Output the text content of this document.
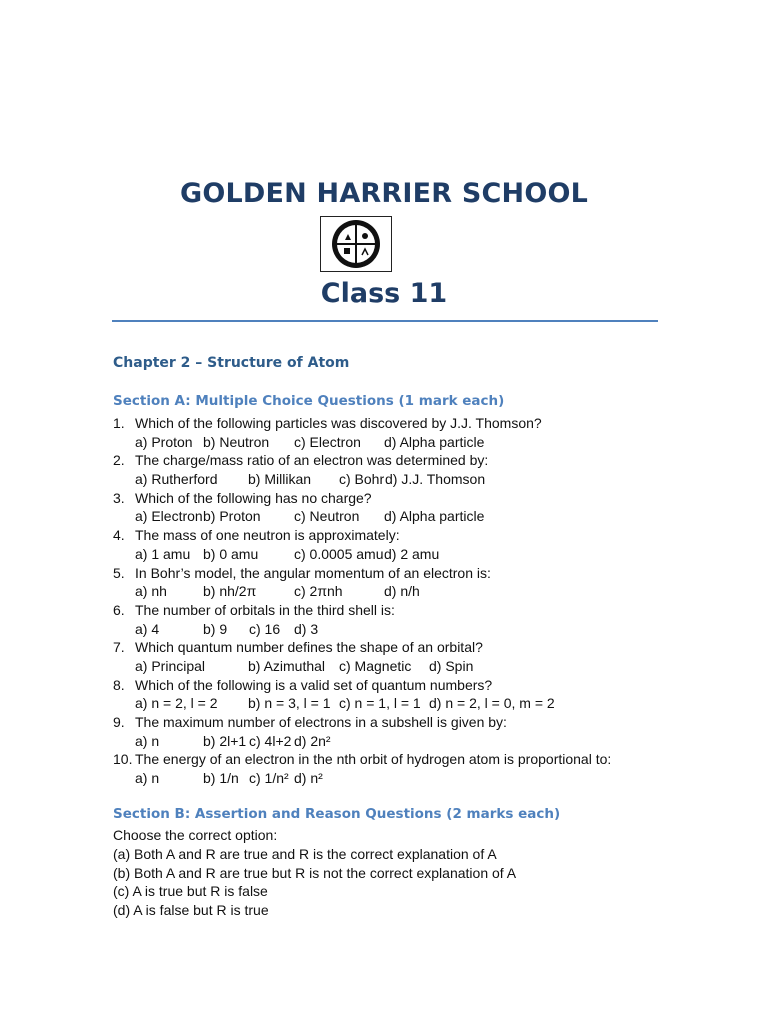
GOLDEN HARRIER SCHOOL
Class 11
Chapter 2 – Structure of Atom
Section A: Multiple Choice Questions (1 mark each)
1. Which of the following particles was discovered by J.J. Thomson?
a) Proton b) Neutron c) Electron d) Alpha particle
2. The charge/mass ratio of an electron was determined by:
a) Rutherford b) Millikan c) Bohr d) J.J. Thomson
3. Which of the following has no charge?
a) Electron b) Proton c) Neutron d) Alpha particle
4. The mass of one neutron is approximately:
a) 1 amu b) 0 amu	c) 0.0005 amu d) 2 amu
5. In Bohr’s model, the angular momentum of an electron is:
a) nh	b) nh/2π	c) 2πnh	d) n/h
6. The number of orbitals in the third shell is:
a) 4	b) 9 c) 16 d) 3
7. Which quantum number defines the shape of an orbital?
a) Principal	b) Azimuthal c) Magnetic d) Spin
8. Which of the following is a valid set of quantum numbers?
a) n = 2, l = 2 b) n = 3, l = 1 c) n = 1, l = 1 d) n = 2, l = 0, m = 2
9. The maximum number of electrons in a subshell is given by:
a) n	b) 2l+1 c) 4l+2 d) 2n²
10. The energy of an electron in the nth orbit of hydrogen atom is proportional to:
a) n	b) 1/n c) 1/n² d) n²
Section B: Assertion and Reason Questions (2 marks each)
Choose the correct option:
(a) Both A and R are true and R is the correct explanation of A
(b) Both A and R are true but R is not the correct explanation of A
(c) A is true but R is false
(d) A is false but R is true
